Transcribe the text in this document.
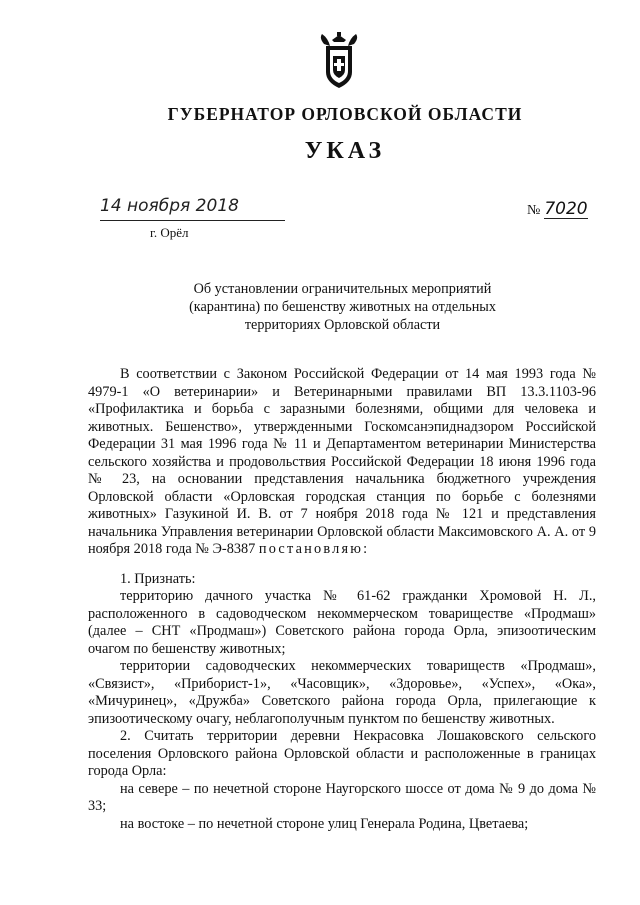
ГУБЕРНАТОР ОРЛОВСКОЙ ОБЛАСТИ
УКАЗ
14 ноября 2018
г. Орёл
№ 7020
Об установлении ограничительных мероприятий
(карантина) по бешенству животных на отдельных
территориях Орловской области

В соответствии с Законом Российской Федерации от 14 мая 1993 года № 4979-1 «О ветеринарии» и Ветеринарными правилами ВП 13.3.1103-96 «Профилактика и борьба с заразными болезнями, общими для человека и животных. Бешенство», утвержденными Госкомсанэпиднадзором Российской Федерации 31 мая 1996 года № 11 и Департаментом ветеринарии Министерства сельского хозяйства и продовольствия Российской Федерации 18 июня 1996 года № 23, на основании представления начальника бюджетного учреждения Орловской области «Орловская городская станция по борьбе с болезнями животных» Газукиной И. В. от 7 ноября 2018 года № 121 и представления начальника Управления ветеринарии Орловской области Максимовского А. А. от 9 ноября 2018 года № Э-8387 постановляю:

1. Признать:

территорию дачного участка № 61-62 гражданки Хромовой Н. Л., расположенного в садоводческом некоммерческом товариществе «Продмаш» (далее – СНТ «Продмаш») Советского района города Орла, эпизоотическим очагом по бешенству животных;

территории садоводческих некоммерческих товариществ «Продмаш», «Связист», «Приборист-1», «Часовщик», «Здоровье», «Успех», «Ока», «Мичуринец», «Дружба» Советского района города Орла, прилегающие к эпизоотическому очагу, неблагополучным пунктом по бешенству животных.

2. Считать территории деревни Некрасовка Лошаковского сельского поселения Орловского района Орловской области и расположенные в границах города Орла:

на севере – по нечетной стороне Наугорского шоссе от дома № 9 до дома № 33;

на востоке – по нечетной стороне улиц Генерала Родина, Цветаева;
